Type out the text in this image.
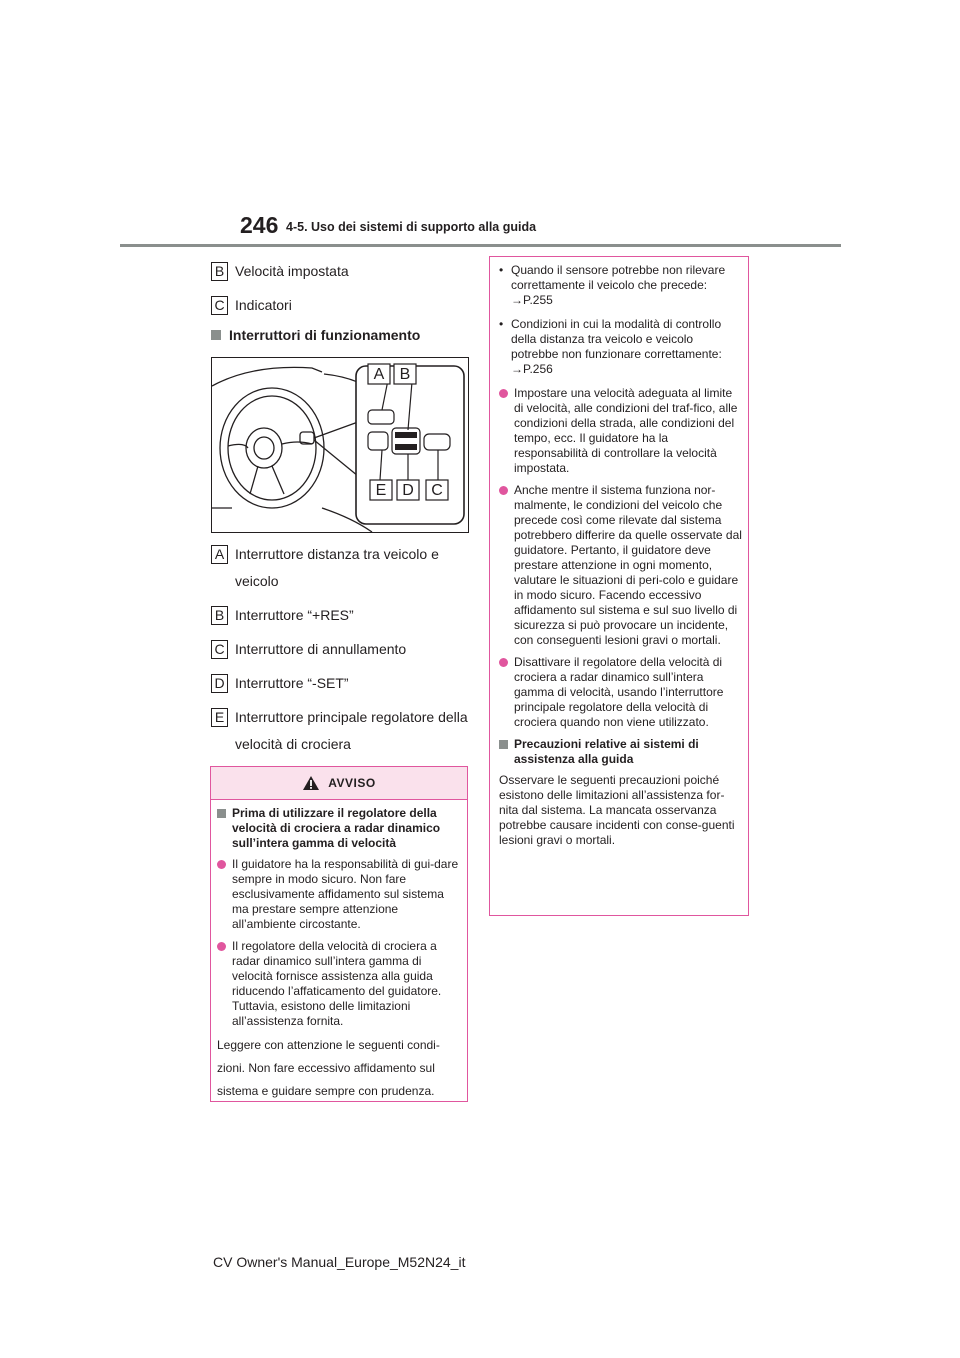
246 4-5. Uso dei sistemi di supporto alla guida
B Velocità impostata
C Indicatori
Interruttori di funzionamento
A B
E D C
A Interruttore distanza tra veicolo e veicolo
B Interruttore “+RES”
C Interruttore di annullamento
D Interruttore “-SET”
E Interruttore principale regolatore della velocità di crociera
AVVISO
Prima di utilizzare il regolatore della velocità di crociera a radar dinamico sull’intera gamma di velocità
Il guidatore ha la responsabilità di gui-dare sempre in modo sicuro. Non fare esclusivamente affidamento sul sistema ma prestare sempre attenzione all’ambiente circostante.
Il regolatore della velocità di crociera a radar dinamico sull’intera gamma di velocità fornisce assistenza alla guida riducendo l’affaticamento del guidatore. Tuttavia, esistono delle limitazioni all’assistenza fornita.
Leggere con attenzione le seguenti condi-zioni. Non fare eccessivo affidamento sul sistema e guidare sempre con prudenza.
• Quando il sensore potrebbe non rilevare correttamente il veicolo che precede:
→P.255
• Condizioni in cui la modalità di controllo della distanza tra veicolo e veicolo potrebbe non funzionare correttamente:
→P.256
Impostare una velocità adeguata al limite di velocità, alle condizioni del traf-fico, alle condizioni della strada, alle condizioni del tempo, ecc. Il guidatore ha la responsabilità di controllare la velocità impostata.
Anche mentre il sistema funziona nor-malmente, le condizioni del veicolo che precede così come rilevate dal sistema potrebbero differire da quelle osservate dal guidatore. Pertanto, il guidatore deve prestare attenzione in ogni momento, valutare le situazioni di peri-colo e guidare in modo sicuro. Facendo eccessivo affidamento sul sistema e sul suo livello di sicurezza si può provocare un incidente, con conseguenti lesioni gravi o mortali.
Disattivare il regolatore della velocità di crociera a radar dinamico sull’intera gamma di velocità, usando l’interruttore principale regolatore della velocità di crociera quando non viene utilizzato.
Precauzioni relative ai sistemi di assistenza alla guida
Osservare le seguenti precauzioni poiché esistono delle limitazioni all’assistenza for-nita dal sistema. La mancata osservanza potrebbe causare incidenti con conse-guenti lesioni gravi o mortali.
CV Owner's Manual_Europe_M52N24_it
